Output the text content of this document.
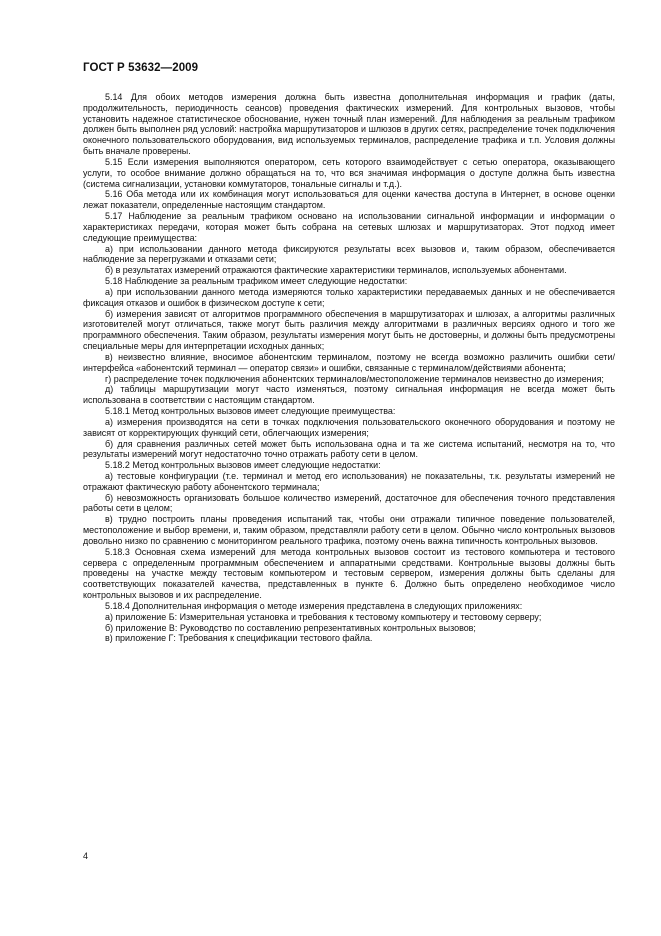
ГОСТ Р 53632—2009

5.14 Для обоих методов измерения должна быть известна дополнительная информация и график (даты, продолжительность, периодичность сеансов) проведения фактических измерений. Для контрольных вызовов, чтобы установить надежное статистическое обоснование, нужен точный план измерений. Для наблюдения за реальным трафиком должен быть выполнен ряд условий: настройка маршрутизаторов и шлюзов в других сетях, распределение точек подключения оконечного пользовательского оборудования, вид используемых терминалов, распределение трафика и т.п. Условия должны быть вначале проверены.

5.15 Если измерения выполняются оператором, сеть которого взаимодействует с сетью оператора, оказывающего услуги, то особое внимание должно обращаться на то, что вся значимая информация о доступе должна быть известна (система сигнализации, установки коммутаторов, тональные сигналы и т.д.).

5.16 Оба метода или их комбинация могут использоваться для оценки качества доступа в Интернет, в основе оценки лежат показатели, определенные настоящим стандартом.

5.17 Наблюдение за реальным трафиком основано на использовании сигнальной информации и информации о характеристиках передачи, которая может быть собрана на сетевых шлюзах и маршрутизаторах. Этот подход имеет следующие преимущества:

а) при использовании данного метода фиксируются результаты всех вызовов и, таким образом, обеспечивается наблюдение за перегрузками и отказами сети;

б) в результатах измерений отражаются фактические характеристики терминалов, используемых абонентами.

5.18 Наблюдение за реальным трафиком имеет следующие недостатки:

а) при использовании данного метода измеряются только характеристики передаваемых данных и не обеспечивается фиксация отказов и ошибок в физическом доступе к сети;

б) измерения зависят от алгоритмов программного обеспечения в маршрутизаторах и шлюзах, а алгоритмы различных изготовителей могут отличаться, также могут быть различия между алгоритмами в различных версиях одного и того же программного обеспечения. Таким образом, результаты измерения могут быть не достоверны, и должны быть предусмотрены специальные меры для интерпретации исходных данных;

в) неизвестно влияние, вносимое абонентским терминалом, поэтому не всегда возможно различить ошибки сети/интерфейса «абонентский терминал — оператор связи» и ошибки, связанные с терминалом/действиями абонента;

г) распределение точек подключения абонентских терминалов/местоположение терминалов неизвестно до измерения;

д) таблицы маршрутизации могут часто изменяться, поэтому сигнальная информация не всегда может быть использована в соответствии с настоящим стандартом.

5.18.1 Метод контрольных вызовов имеет следующие преимущества:

а) измерения производятся на сети в точках подключения пользовательского оконечного оборудования и поэтому не зависят от корректирующих функций сети, облегчающих измерения;

б) для сравнения различных сетей может быть использована одна и та же система испытаний, несмотря на то, что результаты измерений могут недостаточно точно отражать работу сети в целом.

5.18.2 Метод контрольных вызовов имеет следующие недостатки:

а) тестовые конфигурации (т.е. терминал и метод его использования) не показательны, т.к. результаты измерений не отражают фактическую работу абонентского терминала;

б) невозможность организовать большое количество измерений, достаточное для обеспечения точного представления работы сети в целом;

в) трудно построить планы проведения испытаний так, чтобы они отражали типичное поведение пользователей, местоположение и выбор времени, и, таким образом, представляли работу сети в целом. Обычно число контрольных вызовов довольно низко по сравнению с мониторингом реального трафика, поэтому очень важна типичность контрольных вызовов.

5.18.3 Основная схема измерений для метода контрольных вызовов состоит из тестового компьютера и тестового сервера с определенным программным обеспечением и аппаратными средствами. Контрольные вызовы должны быть проведены на участке между тестовым компьютером и тестовым сервером, измерения должны быть сделаны для соответствующих показателей качества, представленных в пункте 6. Должно быть определено необходимое число контрольных вызовов и их распределение.

5.18.4 Дополнительная информация о методе измерения представлена в следующих приложениях:

а) приложение Б: Измерительная установка и требования к тестовому компьютеру и тестовому серверу;

б) приложение В: Руководство по составлению репрезентативных контрольных вызовов;

в) приложение Г: Требования к спецификации тестового файла.

4
